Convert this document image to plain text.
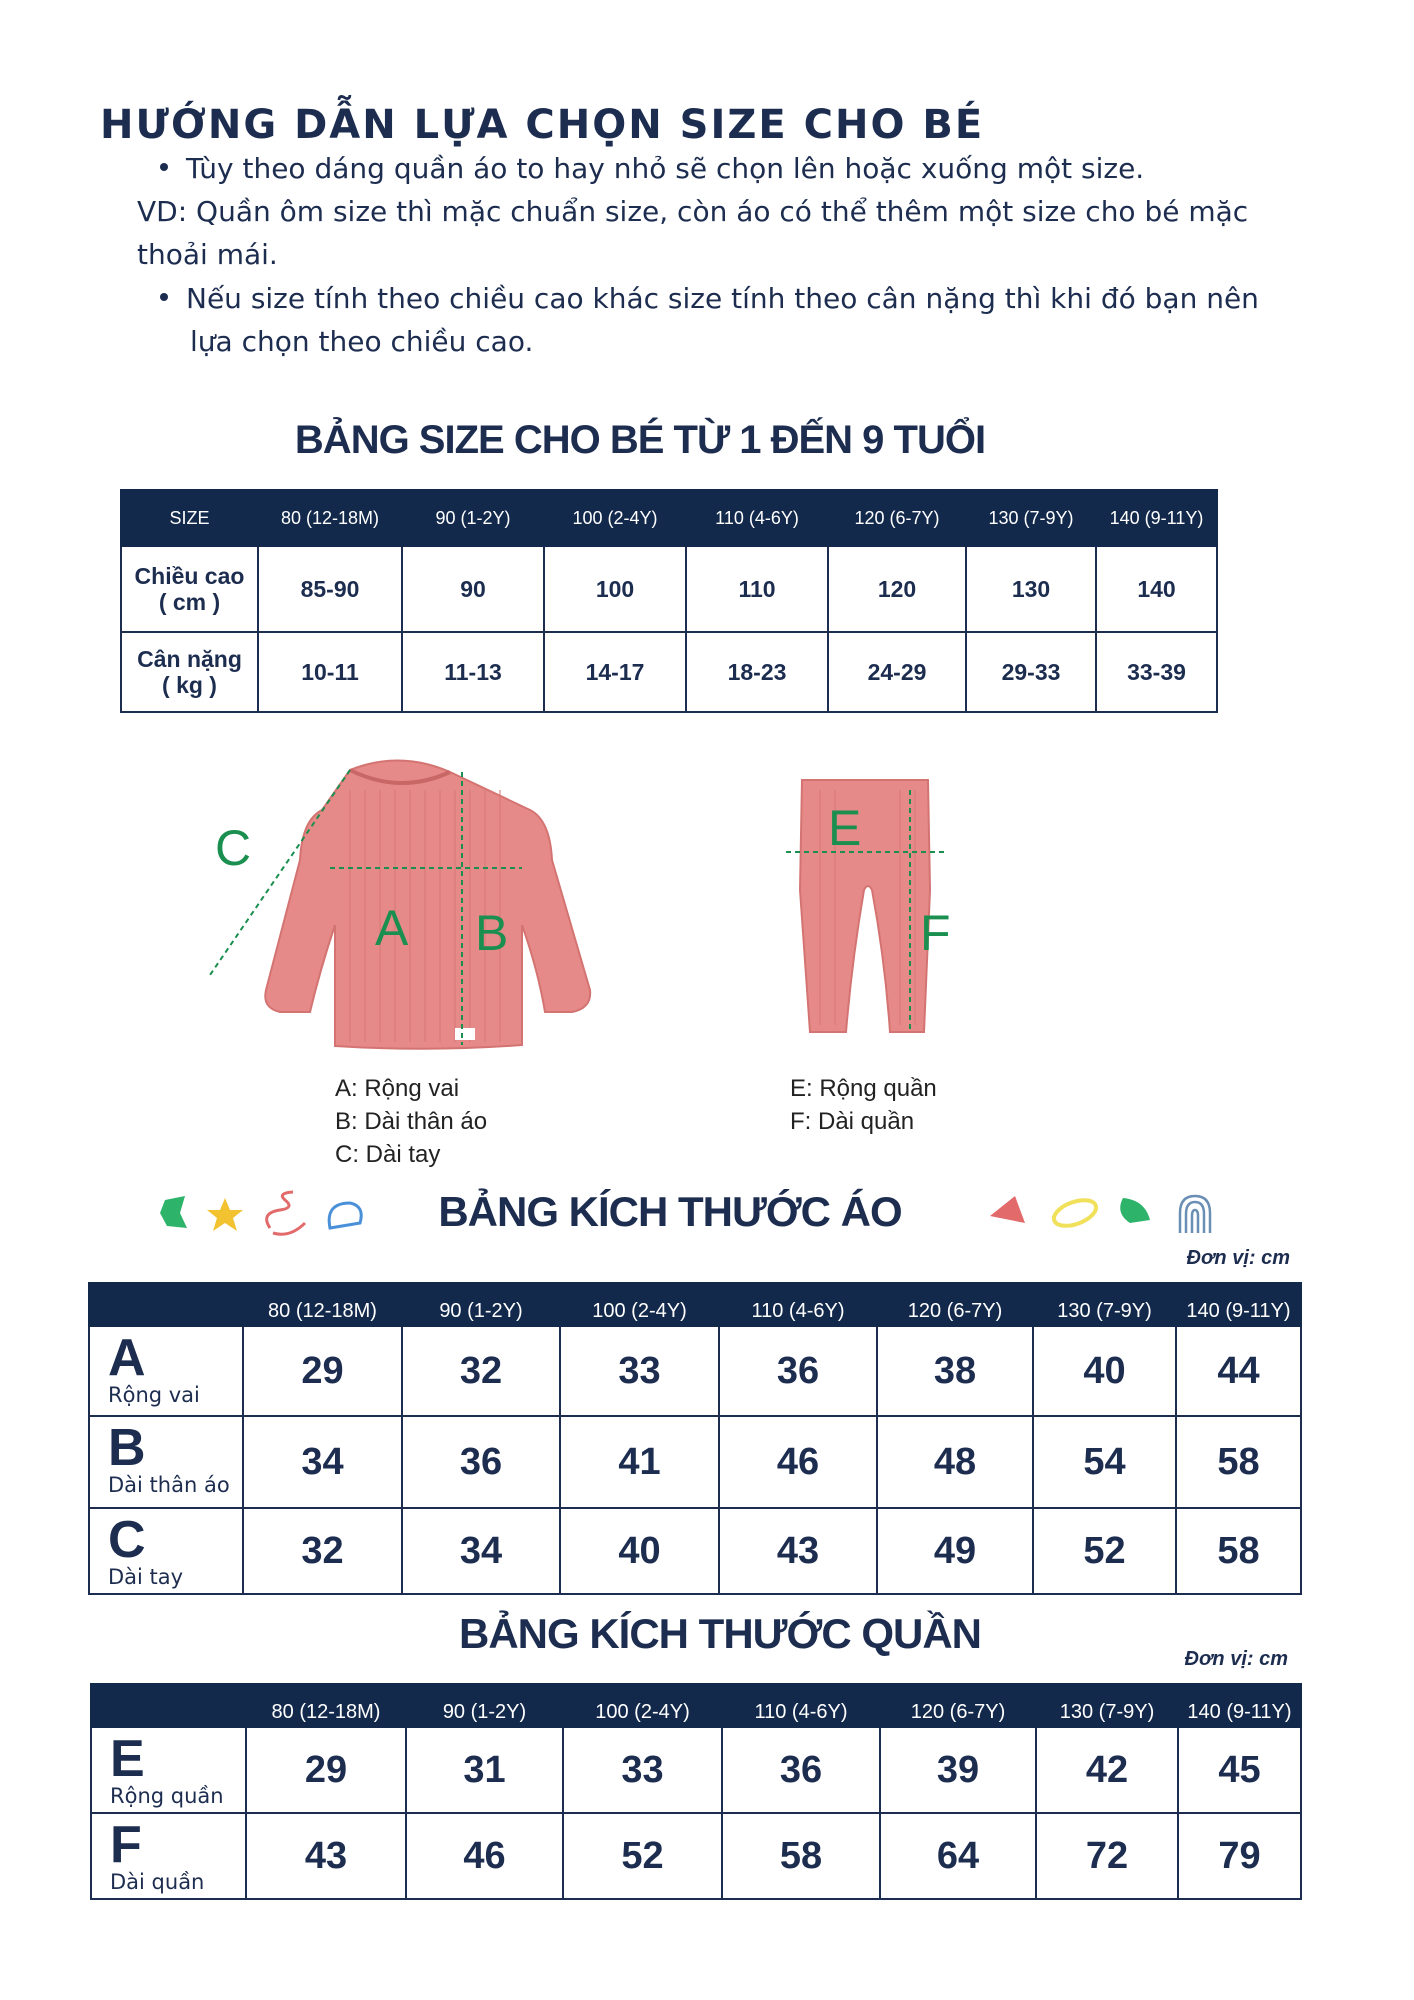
HƯỚNG DẪN LỰA CHỌN SIZE CHO BÉ
Tùy theo dáng quần áo to hay nhỏ sẽ chọn lên hoặc xuống một size.
VD: Quần ôm size thì mặc chuẩn size, còn áo có thể thêm một size cho bé mặc
thoải mái.
Nếu size tính theo chiều cao khác size tính theo cân nặng thì khi đó bạn nên
lựa chọn theo chiều cao.
BẢNG SIZE CHO BÉ TỪ 1 ĐẾN 9 TUỔI
SIZE	80 (12-18M)	90 (1-2Y)	100 (2-4Y)	110 (4-6Y)	120 (6-7Y)	130 (7-9Y)	140 (9-11Y)
Chiều cao
( cm )	85-90	90	100	110	120	130	140
Cân nặng
( kg )	10-11	11-13	14-17	18-23	24-29	29-33	33-39
A B
C	E
F
A: Rộng vai
B: Dài thân áo
C: Dài tay
E: Rộng quần
F: Dài quần
BẢNG KÍCH THƯỚC ÁO
Đơn vị: cm
	80 (12-18M)	90 (1-2Y)	100 (2-4Y)	110 (4-6Y)	120 (6-7Y)	130 (7-9Y)	140 (9-11Y)

A
Rộng vai	29	32	33	36	38	40	44

B
Dài thân áo	34	36	41	46	48	54	58

C
Dài tay	32	34	40	43	49	52	58
BẢNG KÍCH THƯỚC QUẦN
Đơn vị: cm
	80 (12-18M)	90 (1-2Y)	100 (2-4Y)	110 (4-6Y)	120 (6-7Y)	130 (7-9Y)	140 (9-11Y)

E
Rộng quần	29	31	33	36	39	42	45

F
Dài quần	43	46	52	58	64	72	79
